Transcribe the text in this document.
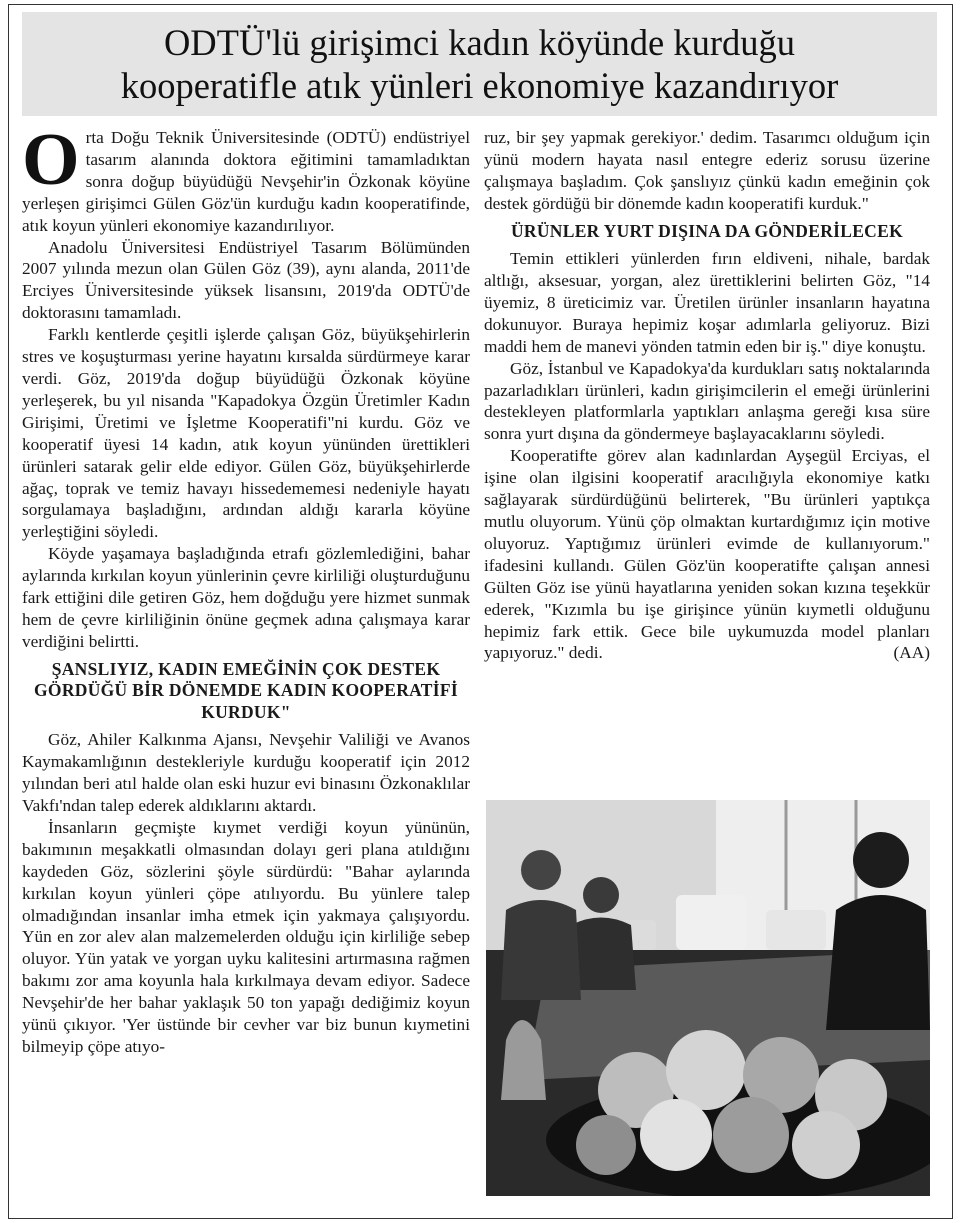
ODTÜ'lü girişimci kadın köyünde kurduğu
kooperatifle atık yünleri ekonomiye kazandırıyor

Orta Doğu Teknik Üniversitesinde (ODTÜ) endüstriyel tasarım alanında doktora eğitimini tamamladıktan sonra doğup büyüdüğü Nevşehir'in Özkonak köyüne yerleşen girişimci Gülen Göz'ün kurduğu kadın kooperatifinde, atık koyun yünleri ekonomiye kazandırılıyor.

Anadolu Üniversitesi Endüstriyel Tasarım Bölümünden 2007 yılında mezun olan Gülen Göz (39), aynı alanda, 2011'de Erciyes Üniversitesinde yüksek lisansını, 2019'da ODTÜ'de doktorasını tamamladı.

Farklı kentlerde çeşitli işlerde çalışan Göz, büyükşehirlerin stres ve koşuşturması yerine hayatını kırsalda sürdürmeye karar verdi. Göz, 2019'da doğup büyüdüğü Özkonak köyüne yerleşerek, bu yıl nisanda "Kapadokya Özgün Üretimler Kadın Girişimi, Üretimi ve İşletme Kooperatifi"ni kurdu. Göz ve kooperatif üyesi 14 kadın, atık koyun yününden ürettikleri ürünleri satarak gelir elde ediyor. Gülen Göz, büyükşehirlerde ağaç, toprak ve temiz havayı hissedememesi nedeniyle hayatı sorgulamaya başladığını, ardından aldığı kararla köyüne yerleştiğini söyledi.

Köyde yaşamaya başladığında etrafı gözlemlediğini, bahar aylarında kırkılan koyun yünlerinin çevre kirliliği oluşturduğunu fark ettiğini dile getiren Göz, hem doğduğu yere hizmet sunmak hem de çevre kirliliğinin önüne geçmek adına çalışmaya karar verdiğini belirtti.

ŞANSLIYIZ, KADIN EMEĞİNİN ÇOK DESTEK GÖRDÜĞÜ BİR DÖNEMDE KADIN KOOPERATİFİ KURDUK"

Göz, Ahiler Kalkınma Ajansı, Nevşehir Valiliği ve Avanos Kaymakamlığının destekleriyle kurduğu kooperatif için 2012 yılından beri atıl halde olan eski huzur evi binasını Özkonaklılar Vakfı'ndan talep ederek aldıklarını aktardı.

İnsanların geçmişte kıymet verdiği koyun yününün, bakımının meşakkatli olmasından dolayı geri plana atıldığını kaydeden Göz, sözlerini şöyle sürdürdü: "Bahar aylarında kırkılan koyun yünleri çöpe atılıyordu. Bu yünlere talep olmadığından insanlar imha etmek için yakmaya çalışıyordu. Yün en zor alev alan malzemelerden olduğu için kirliliğe sebep oluyor. Yün yatak ve yorgan uyku kalitesini artırmasına rağmen bakımı zor ama koyunla hala kırkılmaya devam ediyor. Sadece Nevşehir'de her bahar yaklaşık 50 ton yapağı dediğimiz koyun yünü çıkıyor. 'Yer üstünde bir cevher var biz bunun kıymetini bilmeyip çöpe atıyo-

ruz, bir şey yapmak gerekiyor.' dedim. Tasarımcı olduğum için yünü modern hayata nasıl entegre ederiz sorusu üzerine çalışmaya başladım. Çok şanslıyız çünkü kadın emeğinin çok destek gördüğü bir dönemde kadın kooperatifi kurduk."

ÜRÜNLER YURT DIŞINA DA GÖNDERİLECEK

Temin ettikleri yünlerden fırın eldiveni, nihale, bardak altlığı, aksesuar, yorgan, alez ürettiklerini belirten Göz, "14 üyemiz, 8 üreticimiz var. Üretilen ürünler insanların hayatına dokunuyor. Buraya hepimiz koşar adımlarla geliyoruz. Bizi maddi hem de manevi yönden tatmin eden bir iş." diye konuştu.

Göz, İstanbul ve Kapadokya'da kurdukları satış noktalarında pazarladıkları ürünleri, kadın girişimcilerin el emeği ürünlerini destekleyen platformlarla yaptıkları anlaşma gereği kısa süre sonra yurt dışına da göndermeye başlayacaklarını söyledi.

Kooperatifte görev alan kadınlardan Ayşegül Erciyas, el işine olan ilgisini kooperatif aracılığıyla ekonomiye katkı sağlayarak sürdürdüğünü belirterek, "Bu ürünleri yaptıkça mutlu oluyorum. Yünü çöp olmaktan kurtardığımız için motive oluyoruz. Yaptığımız ürünleri evimde de kullanıyorum." ifadesini kullandı. Gülen Göz'ün kooperatifte çalışan annesi Gülten Göz ise yünü hayatlarına yeniden sokan kızına teşekkür ederek, "Kızımla bu işe girişince yünün kıymetli olduğunu hepimiz fark ettik. Gece bile uykumuzda model planları yapıyoruz." dedi.	(AA)
